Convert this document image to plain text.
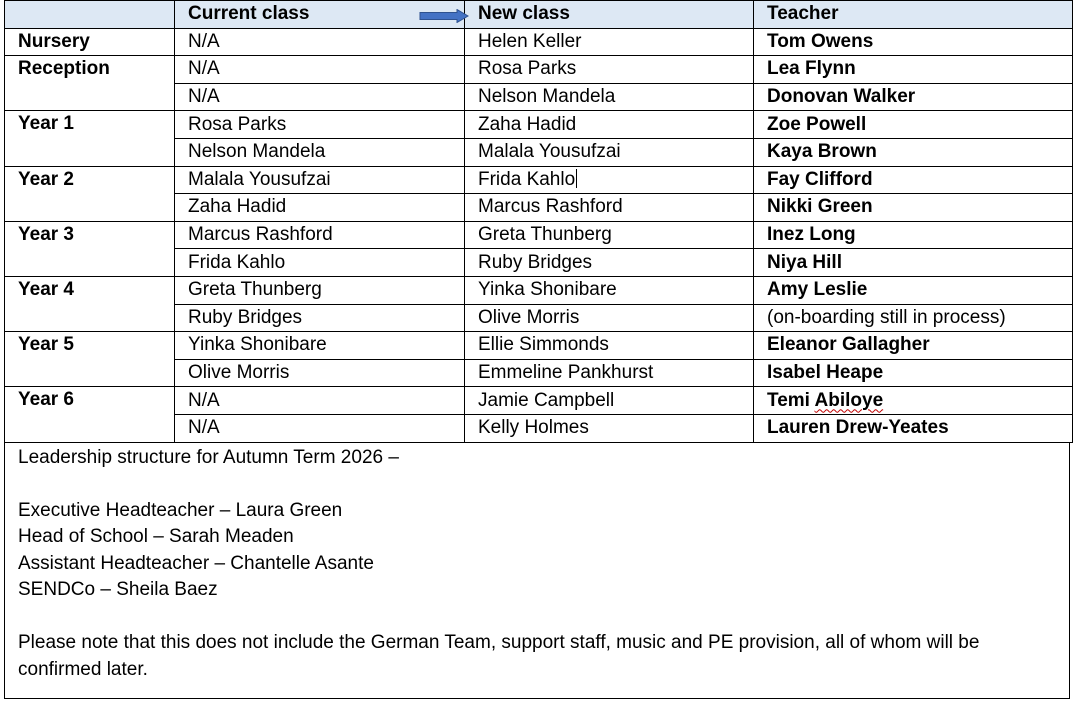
	Current class	New class	Teacher
Nursery	N/A	Helen Keller	Tom Owens
Reception	N/A	Rosa Parks	Lea Flynn
	N/A	Nelson Mandela	Donovan Walker
Year 1	Rosa Parks	Zaha Hadid	Zoe Powell
	Nelson Mandela	Malala Yousufzai	Kaya Brown
Year 2	Malala Yousufzai	Frida Kahlo	Fay Clifford
	Zaha Hadid	Marcus Rashford	Nikki Green
Year 3	Marcus Rashford	Greta Thunberg	Inez Long
	Frida Kahlo	Ruby Bridges	Niya Hill
Year 4	Greta Thunberg	Yinka Shonibare	Amy Leslie
	Ruby Bridges	Olive Morris	(on-boarding still in process)
Year 5	Yinka Shonibare	Ellie Simmonds	Eleanor Gallagher
	Olive Morris	Emmeline Pankhurst	Isabel Heape
Year 6	N/A	Jamie Campbell	Temi Abiloye
	N/A	Kelly Holmes	Lauren Drew-Yeates

Leadership structure for Autumn Term 2026 –

Executive Headteacher – Laura Green

Head of School – Sarah Meaden

Assistant Headteacher – Chantelle Asante

SENDCo – Sheila Baez

Please note that this does not include the German Team, support staff, music and PE provision, all of whom will be confirmed later.
